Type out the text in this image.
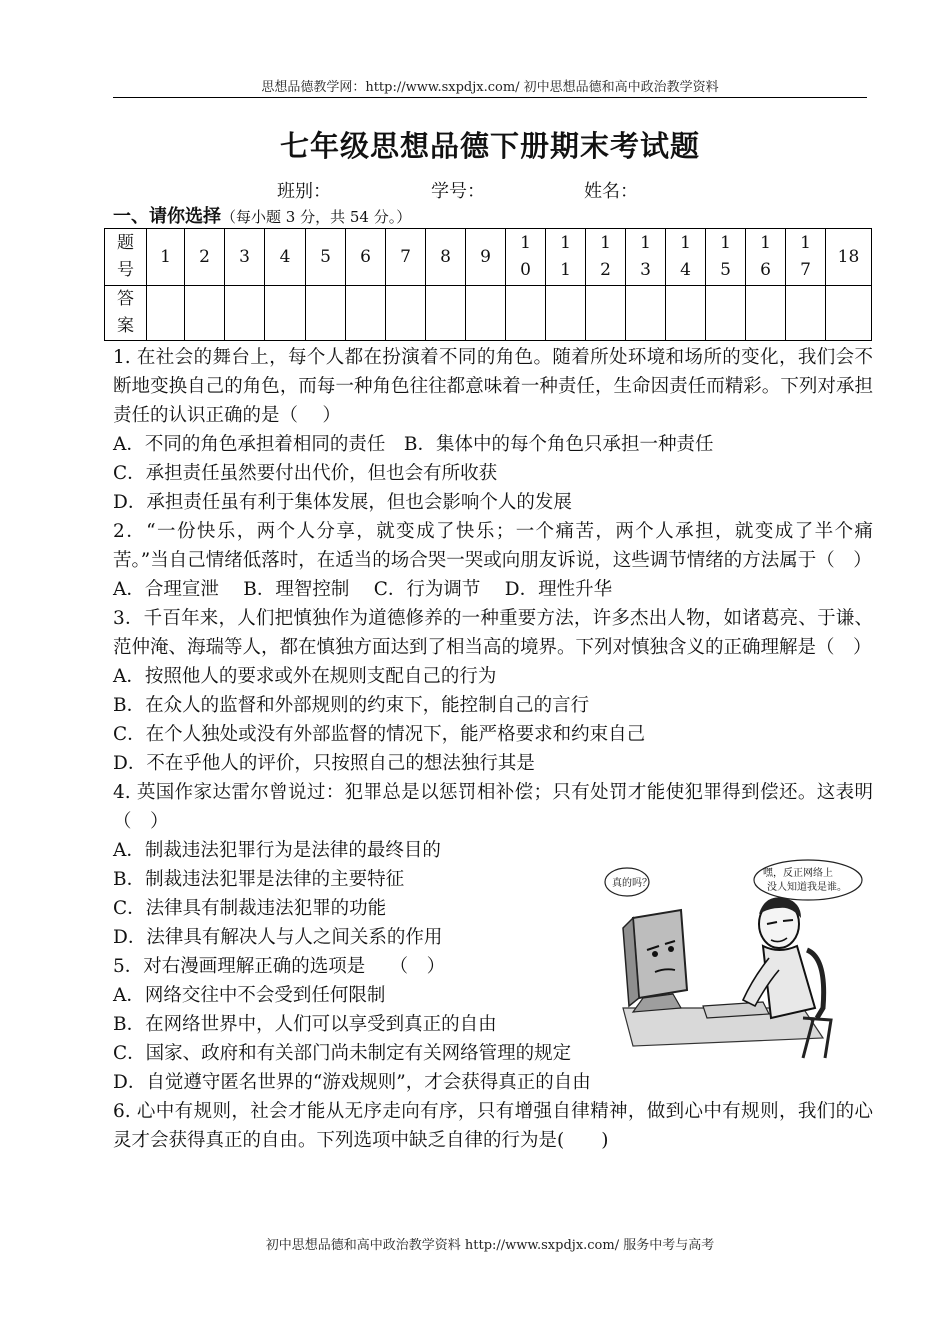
思想品德教学网：http://www.sxpdjx.com/ 初中思想品德和高中政治教学资料
七年级思想品德下册期末考试题
班别：	学号：	姓名：
一、请你选择（每小题 3 分，共 54 分。）
题号	1	2	3	4	5	6	7	8	9	10	11	12	13	14	15	16	17	18
答案																		

1. 在社会的舞台上，每个人都在扮演着不同的角色。随着所处环境和场所的变化，我们会不断地变换自己的角色，而每一种角色往往都意味着一种责任，生命因责任而精彩。下列对承担责任的认识正确的是（　 ）

A．不同的角色承担着相同的责任　B．集体中的每个角色只承担一种责任

C．承担责任虽然要付出代价，但也会有所收获

D．承担责任虽有利于集体发展，但也会影响个人的发展

2．“一份快乐，两个人分享，就变成了快乐；一个痛苦，两个人承担，就变成了半个痛苦。”当自己情绪低落时，在适当的场合哭一哭或向朋友诉说，这些调节情绪的方法属于（　）

A．合理宣泄　 B．理智控制　 C．行为调节　 D．理性升华

3．千百年来，人们把慎独作为道德修养的一种重要方法，许多杰出人物，如诸葛亮、于谦、范仲淹、海瑞等人，都在慎独方面达到了相当高的境界。下列对慎独含义的正确理解是（　）

A．按照他人的要求或外在规则支配自己的行为

B．在众人的监督和外部规则的约束下，能控制自己的言行

C．在个人独处或没有外部监督的情况下，能严格要求和约束自己

D．不在乎他人的评价，只按照自己的想法独行其是

4. 英国作家达雷尔曾说过：犯罪总是以惩罚相补偿；只有处罚才能使犯罪得到偿还。这表明（　）

A．制裁违法犯罪行为是法律的最终目的

B．制裁违法犯罪是法律的主要特征

C．法律具有制裁违法犯罪的功能

D．法律具有解决人与人之间关系的作用

5．对右漫画理解正确的选项是　 （　）

A．网络交往中不会受到任何限制

B．在网络世界中，人们可以享受到真正的自由

C．国家、政府和有关部门尚未制定有关网络管理的规定

D．自觉遵守匿名世界的“游戏规则”，才会获得真正的自由

6. 心中有规则，社会才能从无序走向有序，只有增强自律精神，做到心中有规则，我们的心灵才会获得真正的自由。下列选项中缺乏自律的行为是(　　)

真的吗？
嘿，反正网络上
没人知道我是谁。
初中思想品德和高中政治教学资料 http://www.sxpdjx.com/ 服务中考与高考
